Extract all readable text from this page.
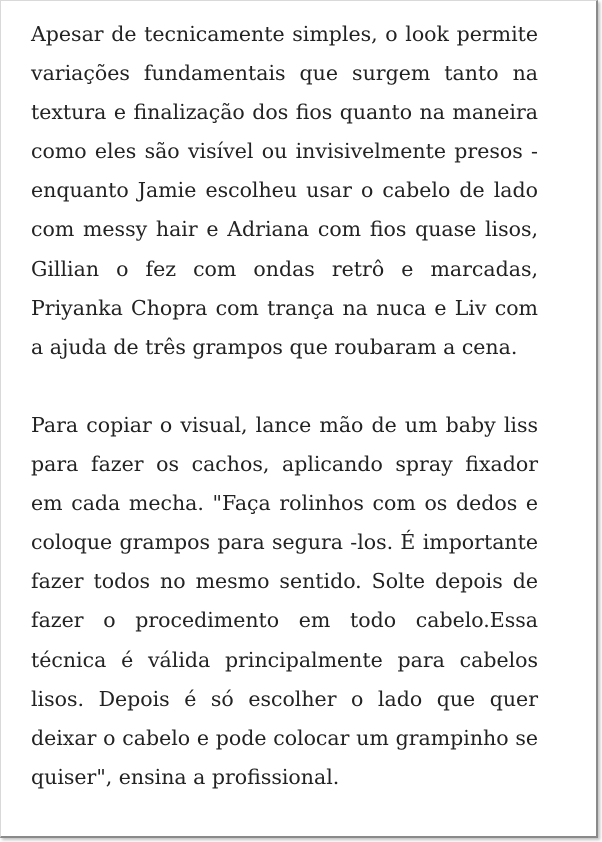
Apesar de tecnicamente simples, o look permite variações fundamentais que surgem tanto na textura e finalização dos fios quanto na maneira como eles são visível ou invisivelmente presos - enquanto Jamie escolheu usar o cabelo de lado com messy hair e Adriana com fios quase lisos, Gillian o fez com ondas retrô e marcadas, Priyanka Chopra com trança na nuca e Liv com a ajuda de três grampos que roubaram a cena.

Para copiar o visual, lance mão de um baby liss para fazer os cachos, aplicando spray fixador em cada mecha. "Faça rolinhos com os dedos e coloque grampos para segura -los. É importante fazer todos no mesmo sentido. Solte depois de fazer o procedimento em todo cabelo.Essa técnica é válida principalmente para cabelos lisos. Depois é só escolher o lado que quer deixar o cabelo e pode colocar um grampinho se quiser", ensina a profissional.
